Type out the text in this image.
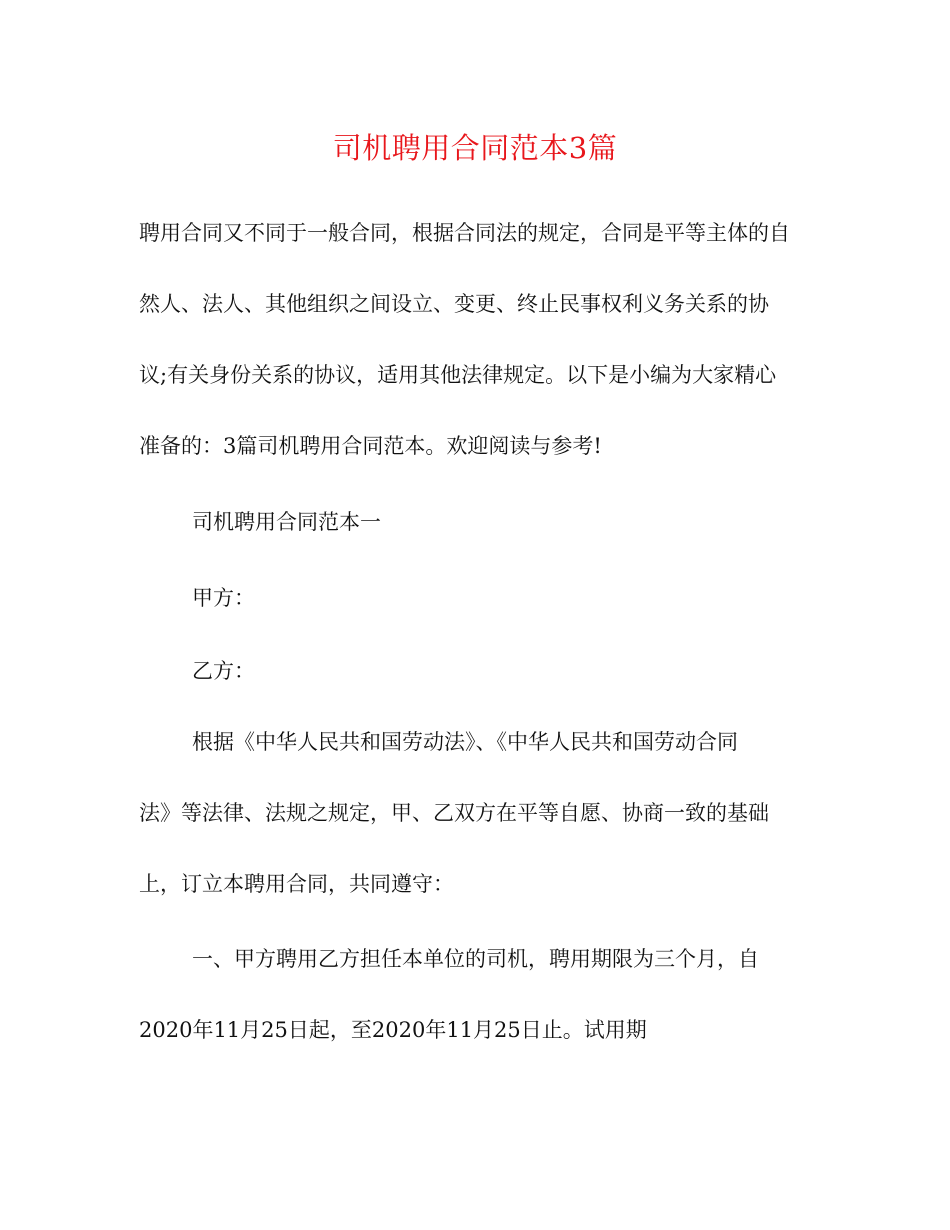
司机聘用合同范本3篇
聘用合同又不同于一般合同，根据合同法的规定，合同是平等主体的自
然人、法人、其他组织之间设立、变更、终止民事权利义务关系的协
议;有关身份关系的协议，适用其他法律规定。以下是小编为大家精心
准备的：3篇司机聘用合同范本。欢迎阅读与参考!
司机聘用合同范本一
甲方：
乙方：
根据《中华人民共和国劳动法》、《中华人民共和国劳动合同
法》等法律、法规之规定，甲、乙双方在平等自愿、协商一致的基础
上，订立本聘用合同，共同遵守：
一、甲方聘用乙方担任本单位的司机，聘用期限为三个月，自
2020年11月25日起，至2020年11月25日止。试用期
